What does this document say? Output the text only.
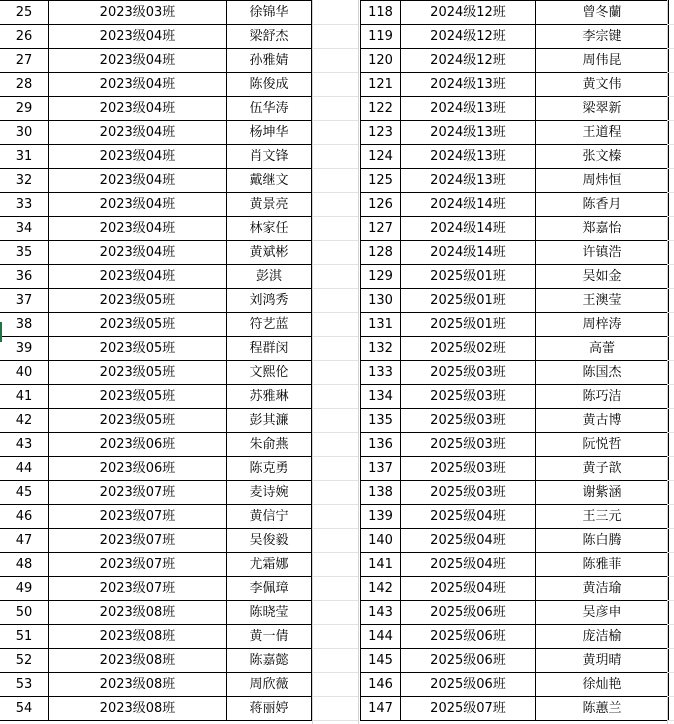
25	2023级03班	徐锦华
26	2023级04班	梁舒杰
27	2023级04班	孙雅婧
28	2023级04班	陈俊成
29	2023级04班	伍华涛
30	2023级04班	杨坤华
31	2023级04班	肖文锋
32	2023级04班	戴继文
33	2023级04班	黄景亮
34	2023级04班	林家任
35	2023级04班	黄斌彬
36	2023级04班	彭淇
37	2023级05班	刘鸿秀
38	2023级05班	符艺蓝
39	2023级05班	程群闵
40	2023级05班	文熙伦
41	2023级05班	苏雅琳
42	2023级05班	彭其濂
43	2023级06班	朱俞燕
44	2023级06班	陈克勇
45	2023级07班	麦诗婉
46	2023级07班	黄信宁
47	2023级07班	吴俊毅
48	2023级07班	尤霜娜
49	2023级07班	李佩璋
50	2023级08班	陈晓莹
51	2023级08班	黄一倩
52	2023级08班	陈嘉懿
53	2023级08班	周欣薇
54	2023级08班	蒋丽婷
118	2024级12班	曾冬蘭
119	2024级12班	李宗键
120	2024级12班	周伟昆
121	2024级13班	黄文伟
122	2024级13班	梁翠新
123	2024级13班	王道程
124	2024级13班	张文榛
125	2024级13班	周炜恒
126	2024级14班	陈香月
127	2024级14班	郑嘉怡
128	2024级14班	许镇浩
129	2025级01班	吴如金
130	2025级01班	王澳莹
131	2025级01班	周梓涛
132	2025级02班	高蕾
133	2025级03班	陈国杰
134	2025级03班	陈巧洁
135	2025级03班	黄古博
136	2025级03班	阮悦哲
137	2025级03班	黄子歆
138	2025级03班	谢紫涵
139	2025级04班	王三元
140	2025级04班	陈白腾
141	2025级04班	陈雅菲
142	2025级04班	黄洁瑜
143	2025级06班	吴彦申
144	2025级06班	庞洁榆
145	2025级06班	黄玥晴
146	2025级06班	徐灿艳
147	2025级07班	陈蕙兰
